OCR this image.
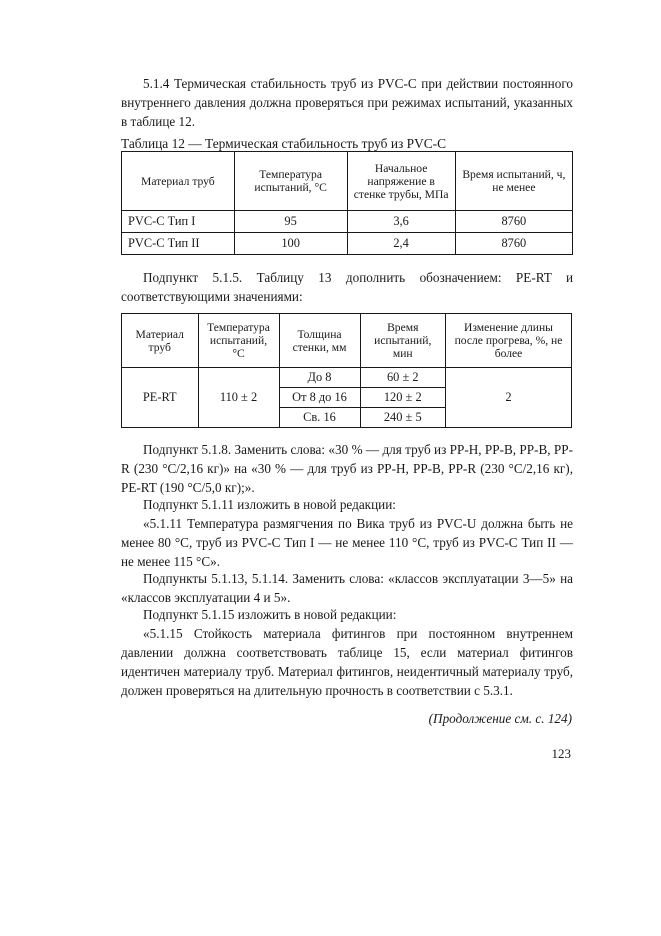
5.1.4 Термическая стабильность труб из PVC-C при действии постоянного внутреннего давления должна проверяться при режимах испытаний, указанных в таблице 12.

Таблица 12 — Термическая стабильность труб из PVC-C

Материал труб	Температура испытаний, °С	Начальное напряжение в стенке трубы, МПа	Время испытаний, ч, не менее
PVC-C Тип I	95	3,6	8760
PVC-C Тип II	100	2,4	8760

Подпункт 5.1.5. Таблицу 13 дополнить обозначением: PE-RT и соответствующими значениями:

Материал труб	Температура испытаний, °С	Толщина стенки, мм	Время испытаний, мин	Изменение длины после прогрева, %, не более
PE-RT	110 ± 2	До 8	60 ± 2	2
		От 8 до 16	120 ± 2	
		Св. 16	240 ± 5	

Подпункт 5.1.8. Заменить слова: «30 % — для труб из PP-H, PP-B, PP-B, PP-R (230 °С/2,16 кг)» на «30 % — для труб из PP-H, PP-B, PP-R (230 °С/2,16 кг), PE-RT (190 °С/5,0 кг);».

Подпункт 5.1.11 изложить в новой редакции:

«5.1.11 Температура размягчения по Вика труб из PVC-U должна быть не менее 80 °С, труб из PVC-C Тип I — не менее 110 °С, труб из PVC-C Тип II — не менее 115 °С».

Подпункты 5.1.13, 5.1.14. Заменить слова: «классов эксплуатации 3—5» на «классов эксплуатации 4 и 5».

Подпункт 5.1.15 изложить в новой редакции:

«5.1.15 Стойкость материала фитингов при постоянном внутреннем давлении должна соответствовать таблице 15, если материал фитингов идентичен материалу труб. Материал фитингов, неидентичный материалу труб, должен проверяться на длительную прочность в соответствии с 5.3.1.

(Продолжение см. с. 124)

123
